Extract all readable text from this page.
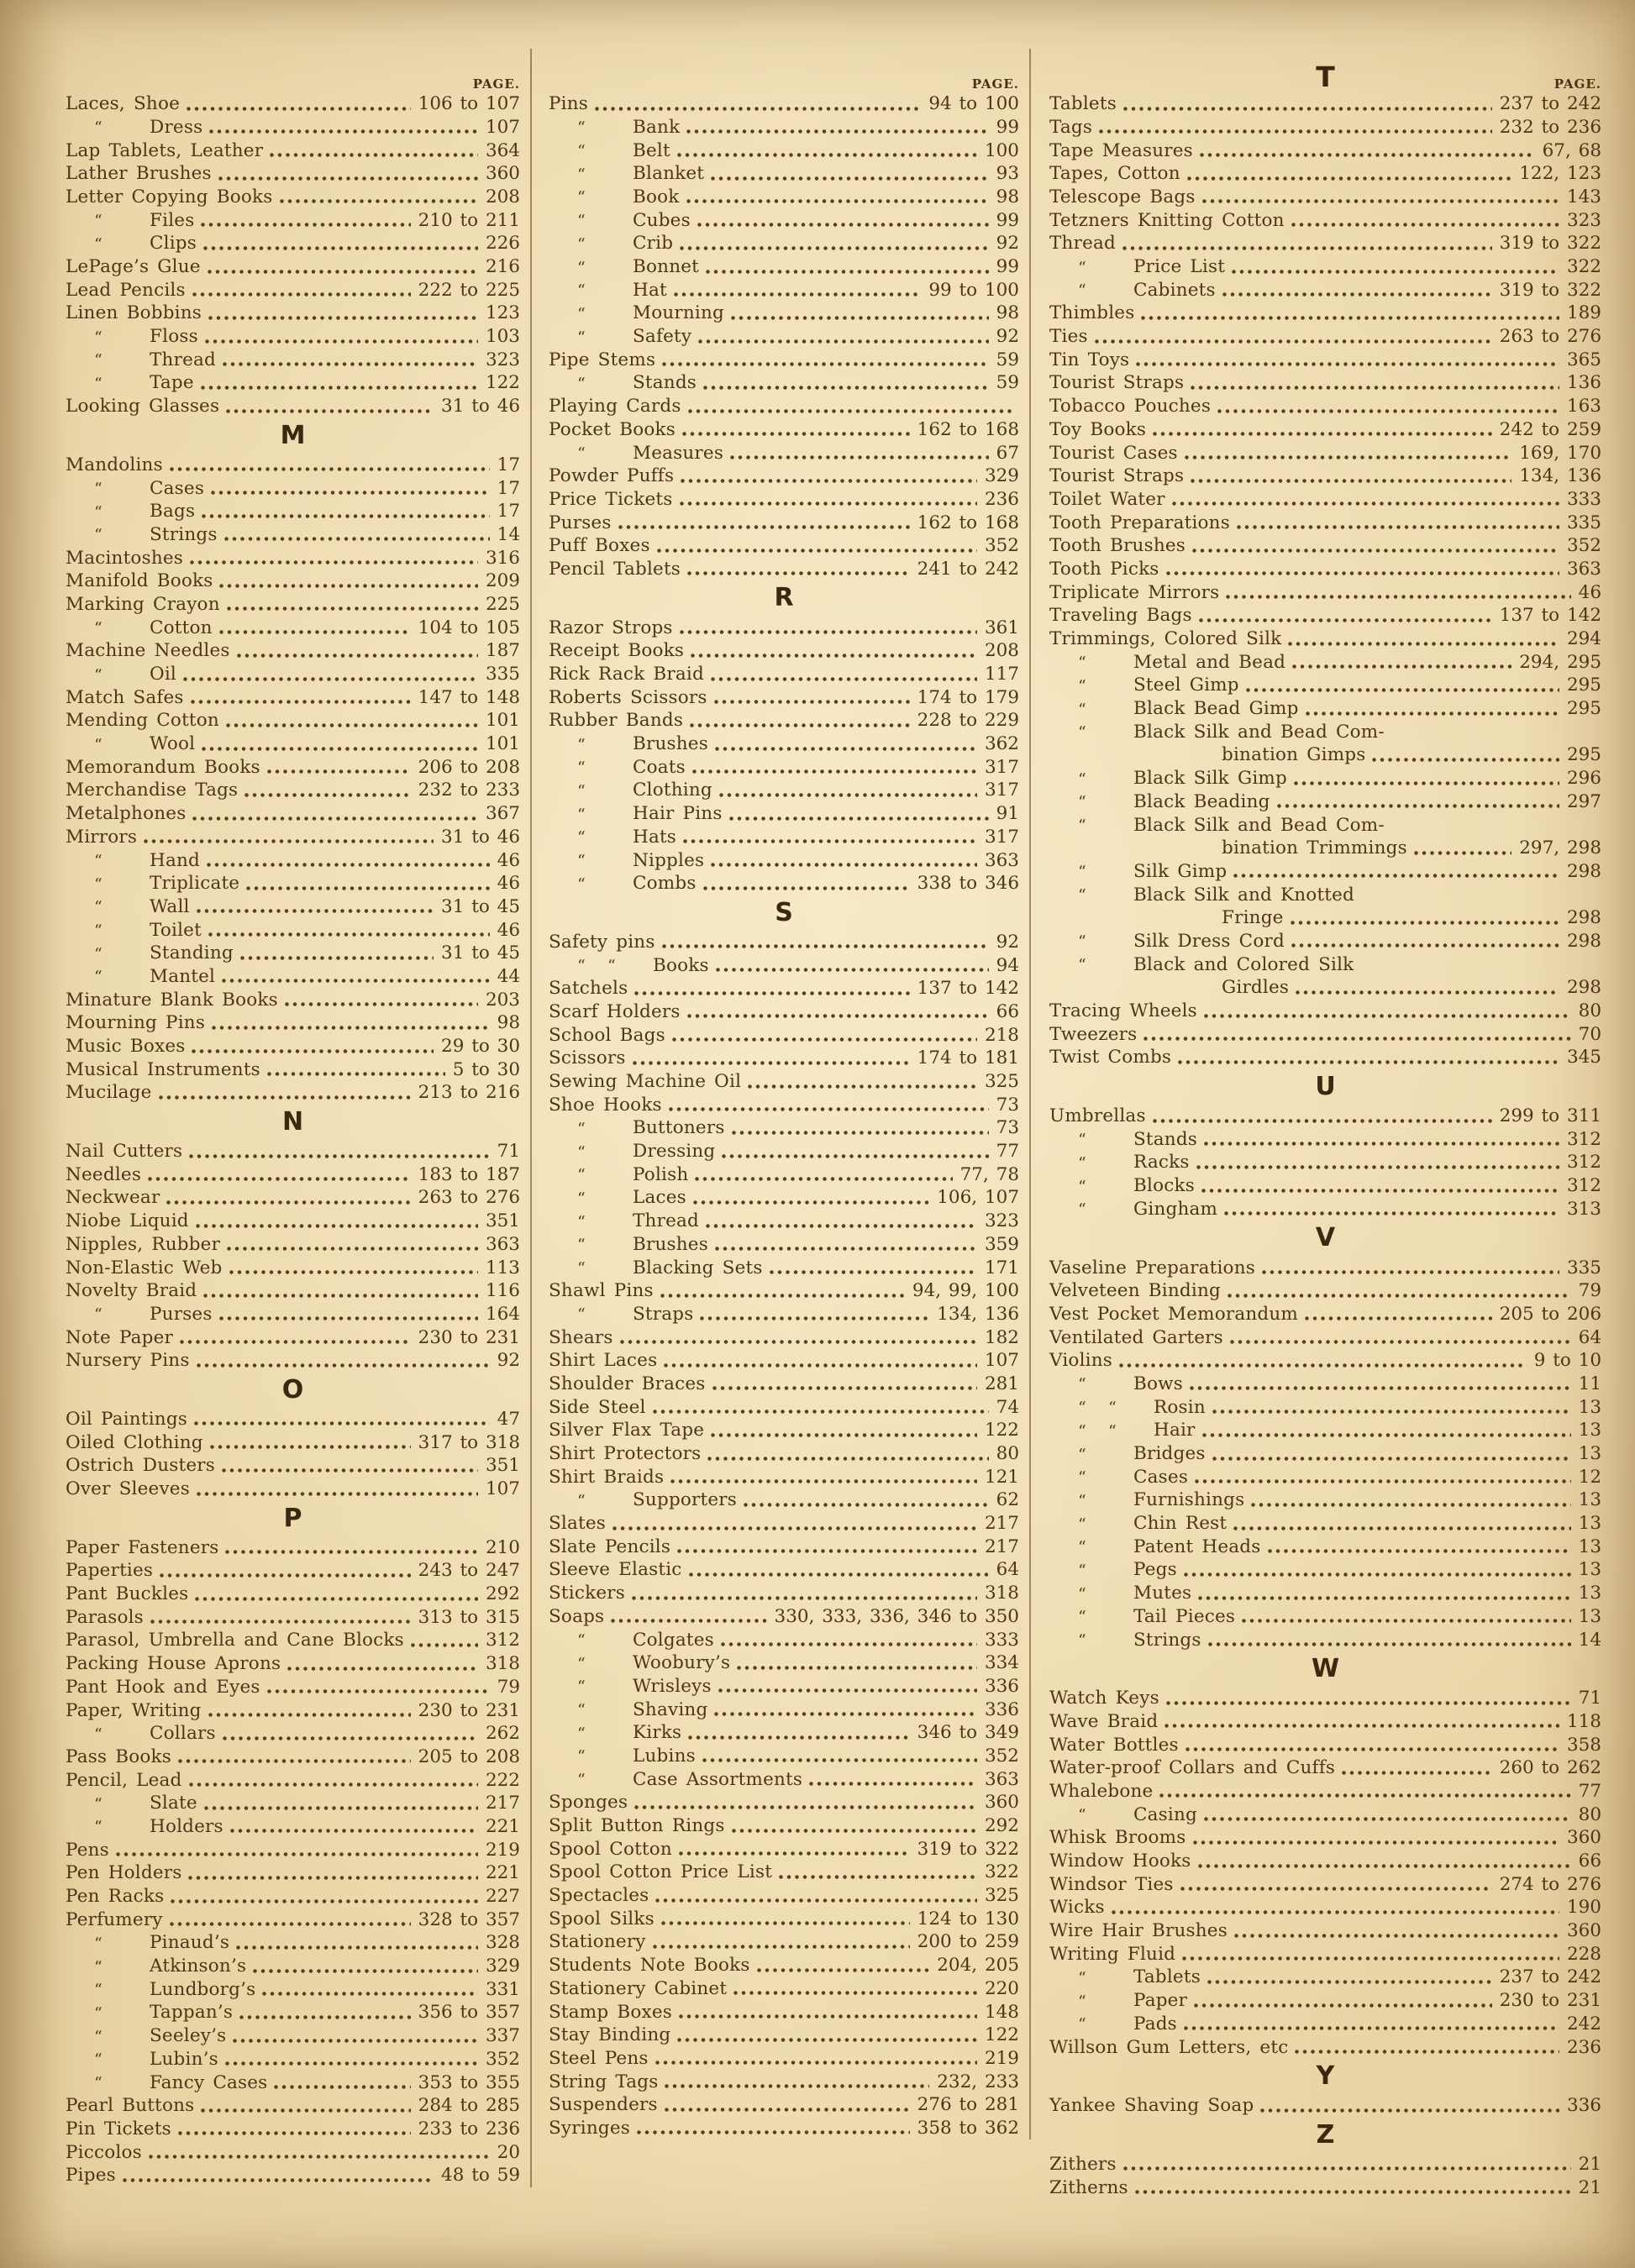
PAGE.
Laces, Shoe	106 to 107
“	Dress	107
Lap Tablets, Leather	364
Lather Brushes	360
Letter Copying Books	208
“	Files	210 to 211
“	Clips	226
LePage’s Glue	216
Lead Pencils	222 to 225
Linen Bobbins	123
“	Floss	103
“	Thread	323
“	Tape	122
Looking Glasses	31 to 46
M
Mandolins	17
“	Cases	17
“	Bags	17
“	Strings	14
Macintoshes	316
Manifold Books	209
Marking Crayon	225
“	Cotton	104 to 105
Machine Needles	187
“	Oil	335
Match Safes	147 to 148
Mending Cotton	101
“	Wool	101
Memorandum Books	206 to 208
Merchandise Tags	232 to 233
Metalphones	367
Mirrors	31 to 46
“	Hand	46
“	Triplicate	46
“	Wall	31 to 45
“	Toilet	46
“	Standing	31 to 45
“	Mantel	44
Minature Blank Books	203
Mourning Pins	98
Music Boxes	29 to 30
Musical Instruments	5 to 30
Mucilage	213 to 216
N
Nail Cutters	71
Needles	183 to 187
Neckwear	263 to 276
Niobe Liquid	351
Nipples, Rubber	363
Non-Elastic Web	113
Novelty Braid	116
“	Purses	164
Note Paper	230 to 231
Nursery Pins	92
O
Oil Paintings	47
Oiled Clothing	317 to 318
Ostrich Dusters	351
Over Sleeves	107
P
Paper Fasteners	210
Paperties	243 to 247
Pant Buckles	292
Parasols	313 to 315
Parasol, Umbrella and Cane Blocks	312
Packing House Aprons	318
Pant Hook and Eyes	79
Paper, Writing	230 to 231
“	Collars	262
Pass Books	205 to 208
Pencil, Lead	222
“	Slate	217
“	Holders	221
Pens	219
Pen Holders	221
Pen Racks	227
Perfumery	328 to 357
“	Pinaud’s	328
“	Atkinson’s	329
“	Lundborg’s	331
“	Tappan’s	356 to 357
“	Seeley’s	337
“	Lubin’s	352
“	Fancy Cases	353 to 355
Pearl Buttons	284 to 285
Pin Tickets	233 to 236
Piccolos	20
Pipes	48 to 59
PAGE.
Pins	94 to 100
“	Bank	99
“	Belt	100
“	Blanket	93
“	Book	98
“	Cubes	99
“	Crib	92
“	Bonnet	99
“	Hat	99 to 100
“	Mourning	98
“	Safety	92
Pipe Stems	59
“	Stands	59
Playing Cards
Pocket Books	162 to 168
“	Measures	67
Powder Puffs	329
Price Tickets	236
Purses	162 to 168
Puff Boxes	352
Pencil Tablets	241 to 242
R
Razor Strops	361
Receipt Books	208
Rick Rack Braid	117
Roberts Scissors	174 to 179
Rubber Bands	228 to 229
“	Brushes	362
“	Coats	317
“	Clothing	317
“	Hair Pins	91
“	Hats	317
“	Nipples	363
“	Combs	338 to 346
S
Safety pins	92
“	“	Books	94
Satchels	137 to 142
Scarf Holders	66
School Bags	218
Scissors	174 to 181
Sewing Machine Oil	325
Shoe Hooks	73
“	Buttoners	73
“	Dressing	77
“	Polish	77, 78
“	Laces	106, 107
“	Thread	323
“	Brushes	359
“	Blacking Sets	171
Shawl Pins	94, 99, 100
“	Straps	134, 136
Shears	182
Shirt Laces	107
Shoulder Braces	281
Side Steel	74
Silver Flax Tape	122
Shirt Protectors	80
Shirt Braids	121
“	Supporters	62
Slates	217
Slate Pencils	217
Sleeve Elastic	64
Stickers	318
Soaps	330, 333, 336, 346 to 350
“	Colgates	333
“	Woobury’s	334
“	Wrisleys	336
“	Shaving	336
“	Kirks	346 to 349
“	Lubins	352
“	Case Assortments	363
Sponges	360
Split Button Rings	292
Spool Cotton	319 to 322
Spool Cotton Price List	322
Spectacles	325
Spool Silks	124 to 130
Stationery	200 to 259
Students Note Books	204, 205
Stationery Cabinet	220
Stamp Boxes	148
Stay Binding	122
Steel Pens	219
String Tags	232, 233
Suspenders	276 to 281
Syringes	358 to 362
T	PAGE.
Tablets	237 to 242
Tags	232 to 236
Tape Measures	67, 68
Tapes, Cotton	122, 123
Telescope Bags	143
Tetzners Knitting Cotton	323
Thread	319 to 322
“	Price List	322
“	Cabinets	319 to 322
Thimbles	189
Ties	263 to 276
Tin Toys	365
Tourist Straps	136
Tobacco Pouches	163
Toy Books	242 to 259
Tourist Cases	169, 170
Tourist Straps	134, 136
Toilet Water	333
Tooth Preparations	335
Tooth Brushes	352
Tooth Picks	363
Triplicate Mirrors	46
Traveling Bags	137 to 142
Trimmings, Colored Silk	294
“	Metal and Bead	294, 295
“	Steel Gimp	295
“	Black Bead Gimp	295
“	Black Silk and Bead Com-
bination Gimps	295
“	Black Silk Gimp	296
“	Black Beading	297
“	Black Silk and Bead Com-
bination Trimmings	297, 298
“	Silk Gimp	298
“	Black Silk and Knotted
Fringe	298
“	Silk Dress Cord	298
“	Black and Colored Silk
Girdles	298
Tracing Wheels	80
Tweezers	70
Twist Combs	345
U
Umbrellas	299 to 311
“	Stands	312
“	Racks	312
“	Blocks	312
“	Gingham	313
V
Vaseline Preparations	335
Velveteen Binding	79
Vest Pocket Memorandum	205 to 206
Ventilated Garters	64
Violins	9 to 10
“	Bows	11
“	“	Rosin	13
“	“	Hair	13
“	Bridges	13
“	Cases	12
“	Furnishings	13
“	Chin Rest	13
“	Patent Heads	13
“	Pegs	13
“	Mutes	13
“	Tail Pieces	13
“	Strings	14
W
Watch Keys	71
Wave Braid	118
Water Bottles	358
Water-proof Collars and Cuffs	260 to 262
Whalebone	77
“	Casing	80
Whisk Brooms	360
Window Hooks	66
Windsor Ties	274 to 276
Wicks	190
Wire Hair Brushes	360
Writing Fluid	228
“	Tablets	237 to 242
“	Paper	230 to 231
“	Pads	242
Willson Gum Letters, etc	236
Y
Yankee Shaving Soap	336
Z
Zithers	21
Zitherns	21
